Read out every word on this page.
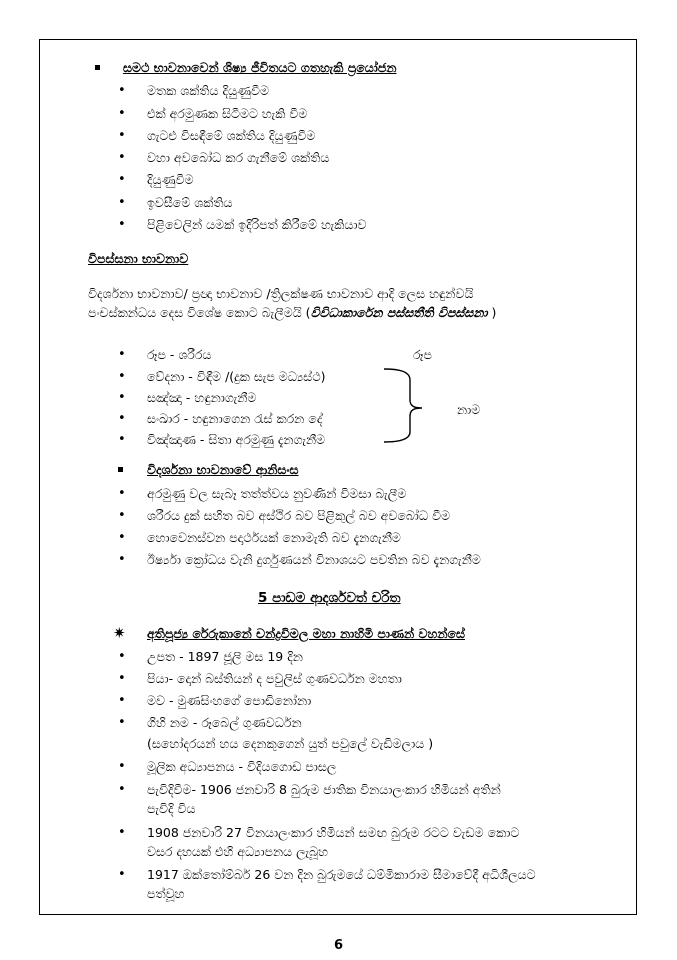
සමථ භාවනාවෙන් ශිෂ්‍ය ජීවිතයට ගතහැකි ප්‍රයෝජන
• මතක ශක්තිය දියුණුවීම
• එක් අරමුණක සිටීමට හැකි වීම
• ගැටළු විසඳීමේ ශක්තිය දියුණුවීම
• වහා අවබෝධ කර ගැනීමේ ශක්තිය
• දියුණුවීම
• ඉවසීමේ ශක්තිය
• පිළිවෙලින් යමක් ඉදිරිපත් කිරීමේ හැකියාව
විපස්සනා භාවනාව
විදර්ශනා භාවනාව/ ප්‍රඥා භාවනාව /ත්‍රිලක්ෂණ භාවනාව ආදි ලෙස හඳුන්වයි
පංචස්කන්ධය දෙස විශේෂ කොට බැලීමයි (විවිධාකාරේන පස්සතීති විපස්සනා )
• රූප - ශරීරය	රූප
• වේදනා - විඳීම /(දුක සැප මධ්‍යස්ථ)
• සඤ්ඤා - හඳුනාගැනීම
• සංඛාර - හඳුනාගෙන රැස් කරන දේ
• විඤ්ඤාණ - සිතා අරමුණු දැනගැනීම
නාම
විදර්ශනා භාවනාවේ ආනිසංස
• අරමුණු වල සැබෑ තත්ත්වය නුවණින් විමසා බැලීම
• ශරීරය දුක් සහිත බව අස්ථිර බව පිළිකුල් බව අවබෝධ වීම
• හොවෙනස්වන පදාර්ථයක් නොමැති බව දැනගැනීම
• ඊර්ෂ්‍යා ක්‍රෝධය වැනි දුර්ගුණයන් විනාශයට පවතින බව දැනගැනීම
5 පාඩම ආදර්ශවත් චරිත
✷ අතිපූජ්‍ය රේරුකානේ චන්ද්‍රවිමල මහා නාහිමි පාණන් වහන්සේ
• උපත - 1897 ජූලි මස 19 දින
• පියා- දොන් බස්තියන් ද පවුලිස් ගුණවර්ධන මහතා
• මව - මුණසිංහගේ පොඩිනෝනා
• ගිහි නම - රූබෙල් ගුණවර්ධන
(සහෝදරයන් හය දෙනකුගෙන් යුත් පවුලේ වැඩිමලාය )
• මූලික අධ්‍යාපනය - විදියගොඩ පාසල
• පැවිදිවීම- 1906 ජනවාරි 8 බුරුම ජාතික විනයාලංකාර හිමියන් අතින්
පැවිදි විය
• 1908 ජනවාරි 27 විනයාලංකාර හිමියන් සමඟ බුරුම රටට වැඩම කොට
වසර දහයක් එහි අධ්‍යාපනය ලැබූහ
• 1917 ඔක්තෝම්බර් 26 වන දින බුරුමයේ ධම්මිකාරාම සීමාවේදී අධිශීලයට
පත්වූහ
6
